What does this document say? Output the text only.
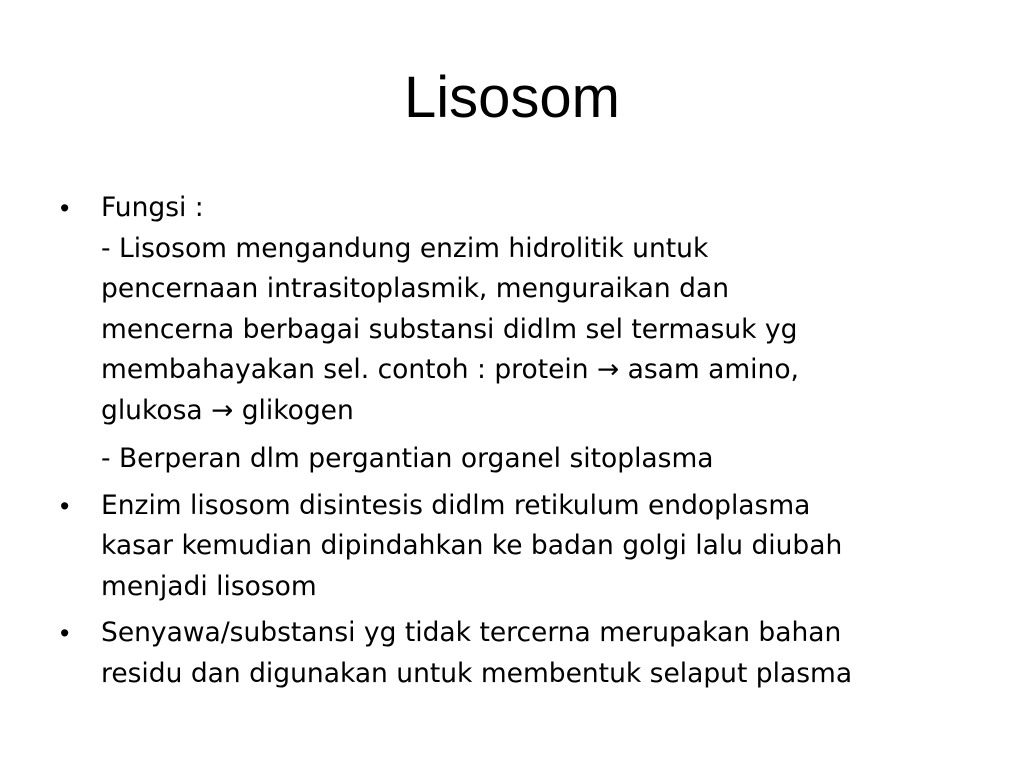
Lisosom
•	Fungsi :
- Lisosom mengandung enzim hidrolitik untuk
pencernaan intrasitoplasmik, menguraikan dan
mencerna berbagai substansi didlm sel termasuk yg
membahayakan sel. contoh : protein → asam amino,
glukosa → glikogen
- Berperan dlm pergantian organel sitoplasma
•	Enzim lisosom disintesis didlm retikulum endoplasma
kasar kemudian dipindahkan ke badan golgi lalu diubah
menjadi lisosom
•	Senyawa/substansi yg tidak tercerna merupakan bahan
residu dan digunakan untuk membentuk selaput plasma
